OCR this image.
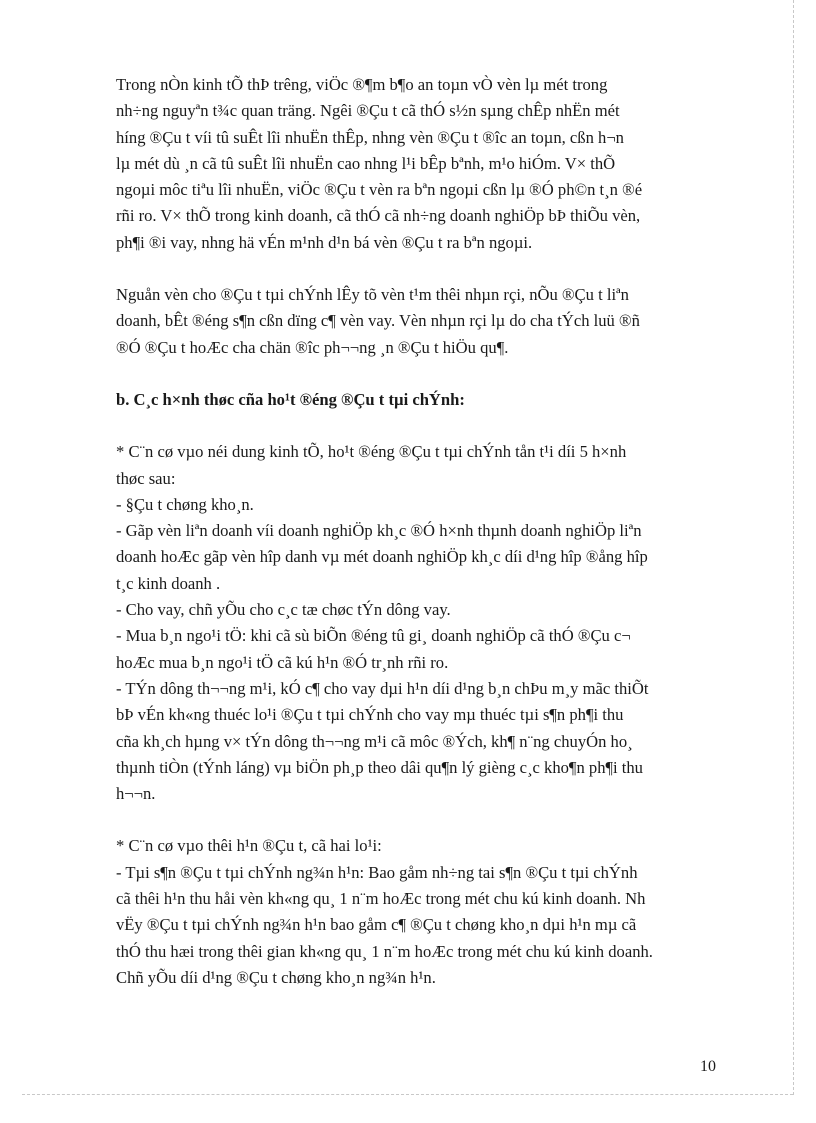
Trong nÒn kinh tÕ thÞ trêng, viÖc ®¶m b¶o an toµn vÒ vèn lµ mét trong
nh÷ng nguyªn t¾c quan träng. Ngêi ®Çu t cã thÓ s½n sµng chÊp nhËn mét
híng ®Çu t víi tû suÊt lîi nhuËn thÊp, nhng vèn ®Çu t ®îc an toµn, cßn h¬n
lµ mét dù ¸n cã tû suÊt lîi nhuËn cao nhng l¹i bÊp bªnh, m¹o hiÓm. V× thÕ
ngoµi môc tiªu lîi nhuËn, viÖc ®Çu t vèn ra bªn ngoµi cßn lµ ®Ó ph©n t¸n ®é
rñi ro. V× thÕ trong kinh doanh, cã thÓ cã nh÷ng doanh nghiÖp bÞ thiÕu vèn,
ph¶i ®i vay, nhng hä vÉn m¹nh d¹n bá vèn ®Çu t ra bªn ngoµi.

Nguån vèn cho ®Çu t tµi chÝnh lÊy tõ vèn t¹m thêi nhµn rçi, nÕu ®Çu t liªn
doanh, bÊt ®éng s¶n cßn dïng c¶ vèn vay. Vèn nhµn rçi lµ do cha tÝch luü ®ñ
®Ó ®Çu t hoÆc cha chän ®îc ph¬¬ng ¸n ®Çu t hiÖu qu¶.

b. C¸c h×nh thøc cña ho¹t ®éng ®Çu t tµi chÝnh:

* C¨n cø vµo néi dung kinh tÕ, ho¹t ®éng ®Çu t tµi chÝnh tån t¹i díi 5 h×nh
thøc sau:

- §Çu t chøng kho¸n.

- Gãp vèn liªn doanh víi doanh nghiÖp kh¸c ®Ó h×nh thµnh doanh nghiÖp liªn
doanh hoÆc gãp vèn hîp danh vµ mét doanh nghiÖp kh¸c díi d¹ng hîp ®ång hîp
t¸c kinh doanh .

- Cho vay, chñ yÕu cho c¸c tæ chøc tÝn dông vay.

- Mua b¸n ngo¹i tÖ: khi cã sù biÕn ®éng tû gi¸ doanh nghiÖp cã thÓ ®Çu c¬
hoÆc mua b¸n ngo¹i tÖ cã kú h¹n ®Ó tr¸nh rñi ro.

- TÝn dông th¬¬ng m¹i, kÓ c¶ cho vay dµi h¹n díi d¹ng b¸n chÞu m¸y mãc thiÕt
bÞ vÉn kh«ng thuéc lo¹i ®Çu t tµi chÝnh cho vay mµ thuéc tµi s¶n ph¶i thu
cña kh¸ch hµng v× tÝn dông th¬¬ng m¹i cã môc ®Ých, kh¶ n¨ng chuyÓn ho¸
thµnh tiÒn (tÝnh láng) vµ biÖn ph¸p theo dâi qu¶n lý gièng c¸c kho¶n ph¶i thu
h¬¬n.

* C¨n cø vµo thêi h¹n ®Çu t, cã hai lo¹i:

- Tµi s¶n ®Çu t tµi chÝnh ng¾n h¹n: Bao gåm nh÷ng tai s¶n ®Çu t tµi chÝnh
cã thêi h¹n thu håi vèn kh«ng qu¸ 1 n¨m hoÆc trong mét chu kú kinh doanh. Nh
vËy ®Çu t tµi chÝnh ng¾n h¹n bao gåm c¶ ®Çu t chøng kho¸n dµi h¹n mµ cã
thÓ thu hæi trong thêi gian kh«ng qu¸ 1 n¨m hoÆc trong mét chu kú kinh doanh.
Chñ yÕu díi d¹ng ®Çu t chøng kho¸n ng¾n h¹n.

10
